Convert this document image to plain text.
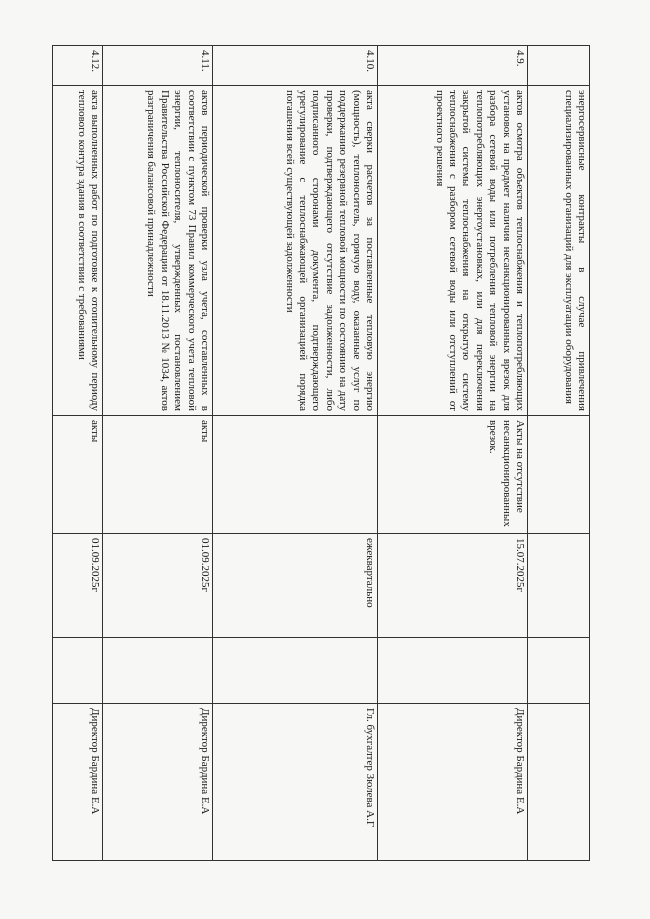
	энергосервисные контракты в случае привлечения специализированных организаций для эксплуатации оборудования				

4.9.	актов осмотра объектов теплоснабжения и теплопотребляющих установок на предмет наличия несанкционированных врезок для разбора сетевой воды или потребления тепловой энергии на теплопотребляющих энергоустановках, или для переключения закрытой системы теплоснабжения на открытую систему теплоснабжения с разбором сетевой воды или отступлений от проектного решения	Акты на отсутствие несанкционированных врезок.	15.07.2025г		Директор Бардина Е.А
4.10.	акта сверки расчетов за поставленные тепловую энергию (мощность), теплоноситель, горячую воду, оказанные услуг по поддержанию резервной тепловой мощности по состоянию на дату проверки, подтверждающего отсутствие задолженности, либо подписанного сторонами документа, подтверждающего урегулирование с теплоснабжающей организацией порядка погашения всей существующей задолженности		ежеквартально		Гл. бухгалтер Зюлева А.Г
4.11.	актов периодической проверки узла учета, составленных в соответствии с пунктом 73 Правил коммерческого учета тепловой энергии, теплоносителя, утвержденных постановлением Правительства Российской Федерации от 18.11.2013 № 1034, актов разграничения балансовой принадлежности	акты	01.09.2025г		Директор Бардина Е.А
4.12.	акта выполненных работ по подготовке к отопительному периоду теплового контура здания в соответствии с требованиями	акты	01.09.2025г		Директор Бардина Е.А
